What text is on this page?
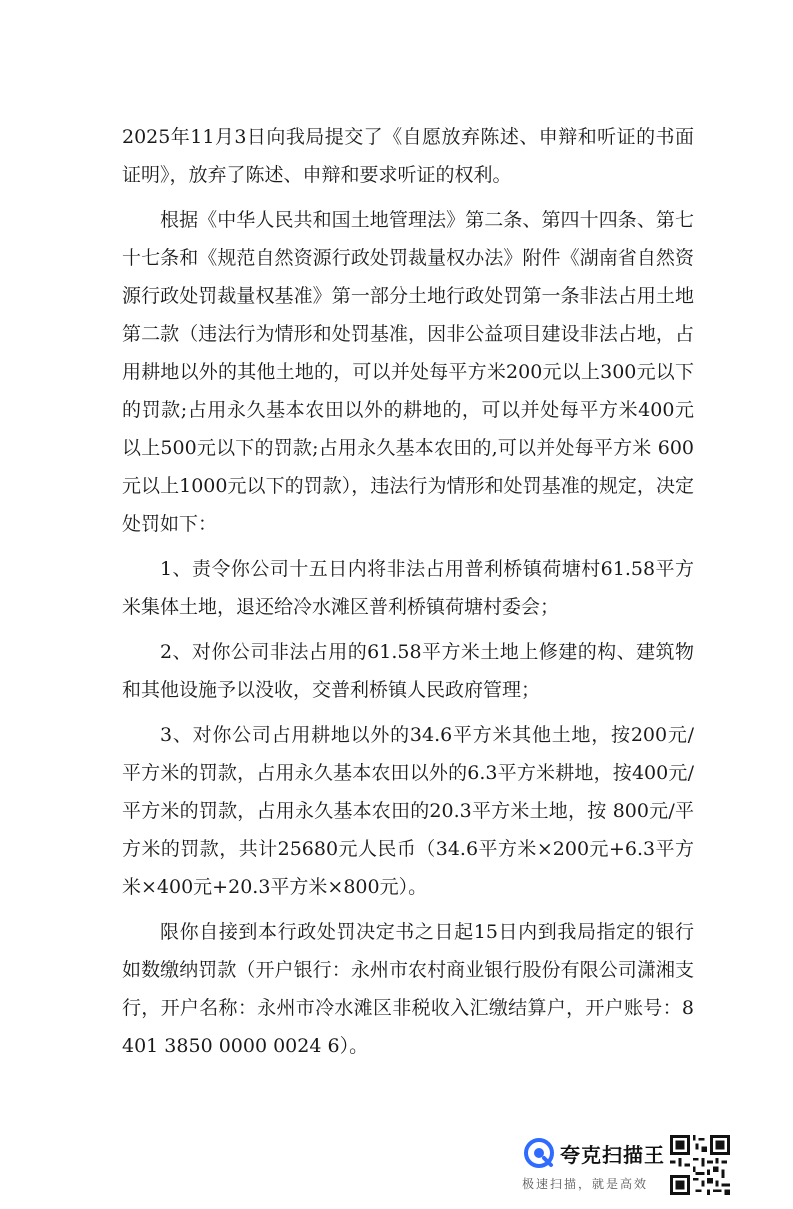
2025年11月3日向我局提交了《自愿放弃陈述、申辩和听证的书面证明》，放弃了陈述、申辩和要求听证的权利。

根据《中华人民共和国土地管理法》第二条、第四十四条、第七十七条和《规范自然资源行政处罚裁量权办法》附件《湖南省自然资源行政处罚裁量权基准》第一部分土地行政处罚第一条非法占用土地第二款（违法行为情形和处罚基准，因非公益项目建设非法占地，占用耕地以外的其他土地的，可以并处每平方米200元以上300元以下的罚款;占用永久基本农田以外的耕地的，可以并处每平方米400元以上500元以下的罚款;占用永久基本农田的,可以并处每平方米 600元以上1000元以下的罚款），违法行为情形和处罚基准的规定，决定处罚如下：

1、责令你公司十五日内将非法占用普利桥镇荷塘村61.58平方米集体土地，退还给冷水滩区普利桥镇荷塘村委会；

2、对你公司非法占用的61.58平方米土地上修建的构、建筑物和其他设施予以没收，交普利桥镇人民政府管理；

3、对你公司占用耕地以外的34.6平方米其他土地，按200元/平方米的罚款，占用永久基本农田以外的6.3平方米耕地，按400元/平方米的罚款，占用永久基本农田的20.3平方米土地，按 800元/平方米的罚款，共计25680元人民币（34.6平方米×200元+6.3平方米×400元+20.3平方米×800元）。

限你自接到本行政处罚决定书之日起15日内到我局指定的银行如数缴纳罚款（开户银行：永州市农村商业银行股份有限公司潇湘支行，开户名称：永州市冷水滩区非税收入汇缴结算户，开户账号：8401 3850 0000 0024 6）。

夸克扫描王
极速扫描，就是高效
